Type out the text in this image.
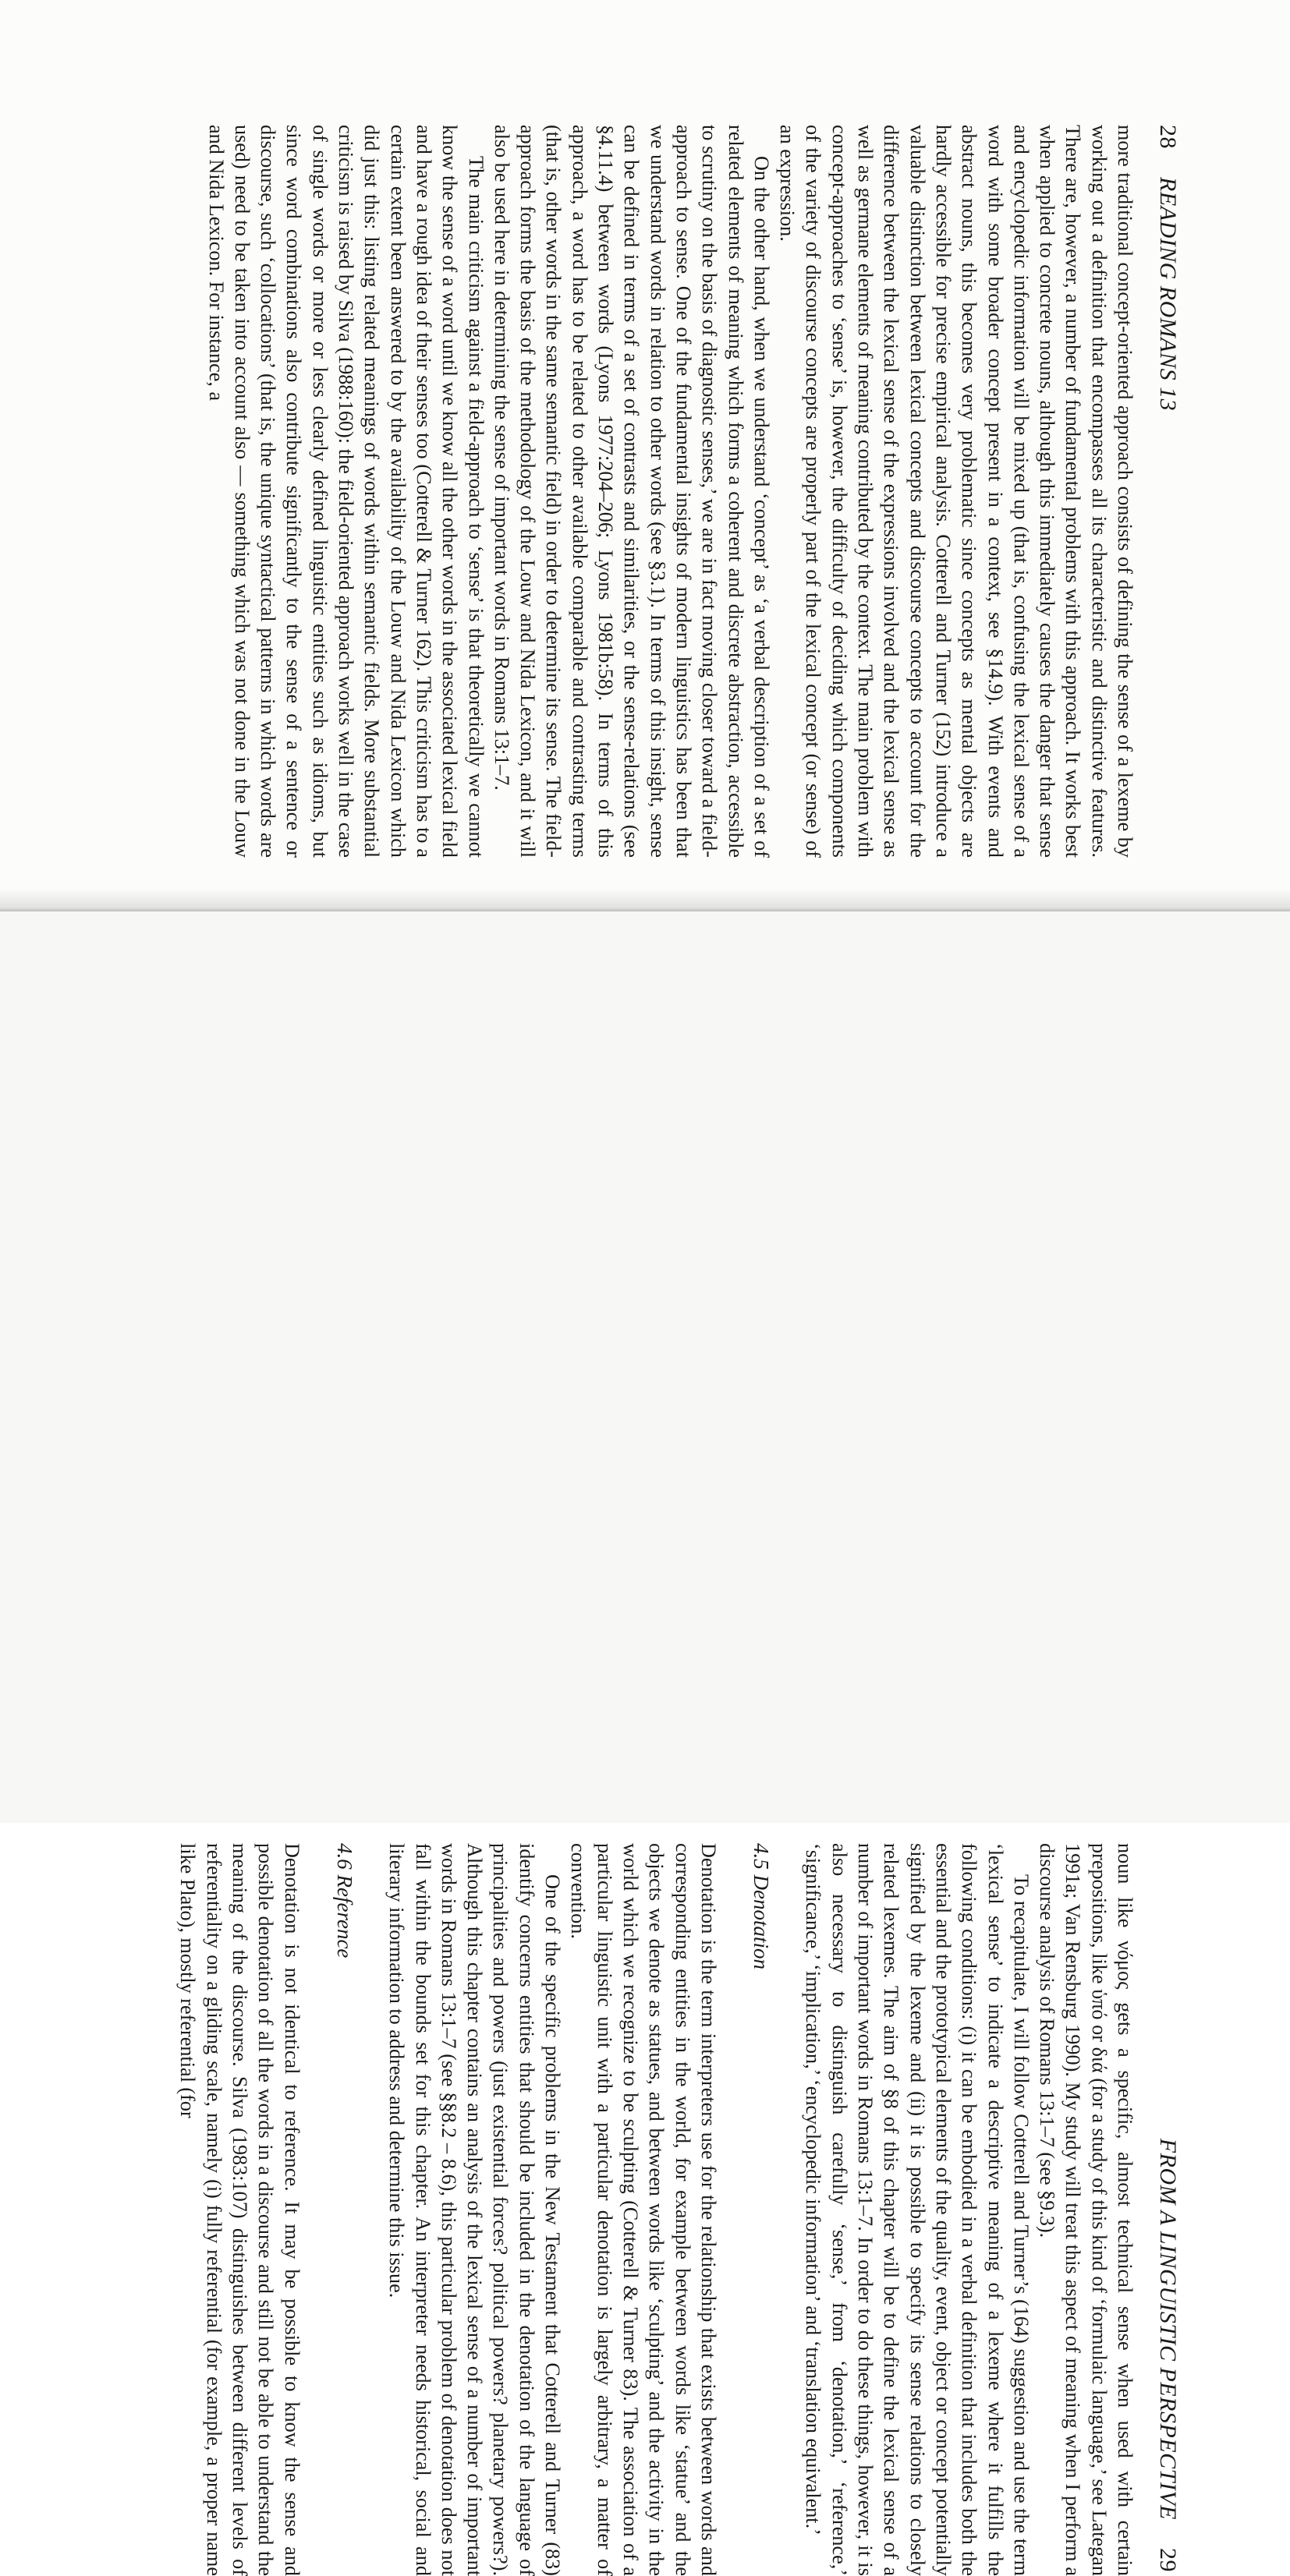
28 READING ROMANS 13

more traditional concept-oriented approach consists of defining the sense of a lexeme by working out a definition that encompasses all its characteristic and distinctive features. There are, however, a number of fundamental problems with this approach. It works best when applied to concrete nouns, although this immediately causes the danger that sense and encyclopedic information will be mixed up (that is, confusing the lexical sense of a word with some broader concept present in a context, see §14.9). With events and abstract nouns, this becomes very problematic since concepts as mental objects are hardly accessible for precise empirical analysis. Cotterell and Turner (152) introduce a valuable distinction between lexical concepts and discourse concepts to account for the difference between the lexical sense of the expressions involved and the lexical sense as well as germane elements of meaning contributed by the context. The main problem with concept-approaches to ‘sense’ is, however, the difficulty of deciding which components of the variety of discourse concepts are properly part of the lexical concept (or sense) of an expression.

On the other hand, when we understand ‘concept’ as ‘a verbal description of a set of related elements of meaning which forms a coherent and discrete abstraction, accessible to scrutiny on the basis of diagnostic senses,’ we are in fact moving closer toward a field-approach to sense. One of the fundamental insights of modern linguistics has been that we understand words in relation to other words (see §3.1). In terms of this insight, sense can be defined in terms of a set of contrasts and similarities, or the sense-relations (see §4.11.4) between words (Lyons 1977:204–206; Lyons 1981b:58). In terms of this approach, a word has to be related to other available comparable and contrasting terms (that is, other words in the same semantic field) in order to determine its sense. The field-approach forms the basis of the methodology of the Louw and Nida Lexicon, and it will also be used here in determining the sense of important words in Romans 13:1–7.

The main criticism against a field-approach to ‘sense’ is that theoretically we cannot know the sense of a word until we know all the other words in the associated lexical field and have a rough idea of their senses too (Cotterell & Turner 162). This criticism has to a certain extent been answered to by the availability of the Louw and Nida Lexicon which did just this: listing related meanings of words within semantic fields. More substantial criticism is raised by Silva (1988:160): the field-oriented approach works well in the case of single words or more or less clearly defined linguistic entities such as idioms, but since word combinations also contribute significantly to the sense of a sentence or discourse, such ‘collocations’ (that is, the unique syntactical patterns in which words are used) need to be taken into account also — something which was not done in the Louw and Nida Lexicon. For instance, a

FROM A LINGUISTIC PERSPECTIVE 29

noun like νόμος gets a specific, almost technical sense when used with certain prepositions, like ὑπό or διά (for a study of this kind of ‘formulaic language,’ see Lategan 1991a; Van Rensburg 1990). My study will treat this aspect of meaning when I perform a discourse analysis of Romans 13:1–7 (see §9.3).

To recapitulate, I will follow Cotterell and Turner’s (164) suggestion and use the term ‘lexical sense’ to indicate a descriptive meaning of a lexeme where it fulfills the following conditions: (i) it can be embodied in a verbal definition that includes both the essential and the prototypical elements of the quality, event, object or concept potentially signified by the lexeme and (ii) it is possible to specify its sense relations to closely related lexemes. The aim of §8 of this chapter will be to define the lexical sense of a number of important words in Romans 13:1–7. In order to do these things, however, it is also necessary to distinguish carefully ‘sense,’ from ‘denotation,’ ‘reference,’ ‘significance,’ ‘implication,’ ‘encyclopedic information’ and ‘translation equivalent.’

4.5 Denotation

Denotation is the term interpreters use for the relationship that exists between words and corresponding entities in the world, for example between words like ‘statue’ and the objects we denote as statues, and between words like ‘sculpting’ and the activity in the world which we recognize to be sculpting (Cotterell & Turner 83). The association of a particular linguistic unit with a particular denotation is largely arbitrary, a matter of convention.

One of the specific problems in the New Testament that Cotterell and Turner (83) identify concerns entities that should be included in the denotation of the language of principalities and powers (just existential forces? political powers? planetary powers?). Although this chapter contains an analysis of the lexical sense of a number of important words in Romans 13:1–7 (see §§8.2 – 8.6), this particular problem of denotation does not fall within the bounds set for this chapter. An interpreter needs historical, social and literary information to address and determine this issue.

4.6 Reference

Denotation is not identical to reference. It may be possible to know the sense and possible denotation of all the words in a discourse and still not be able to understand the meaning of the discourse. Silva (1983:107) distinguishes between different levels of referentiality on a gliding scale, namely (i) fully referential (for example, a proper name like Plato), mostly referential (for
